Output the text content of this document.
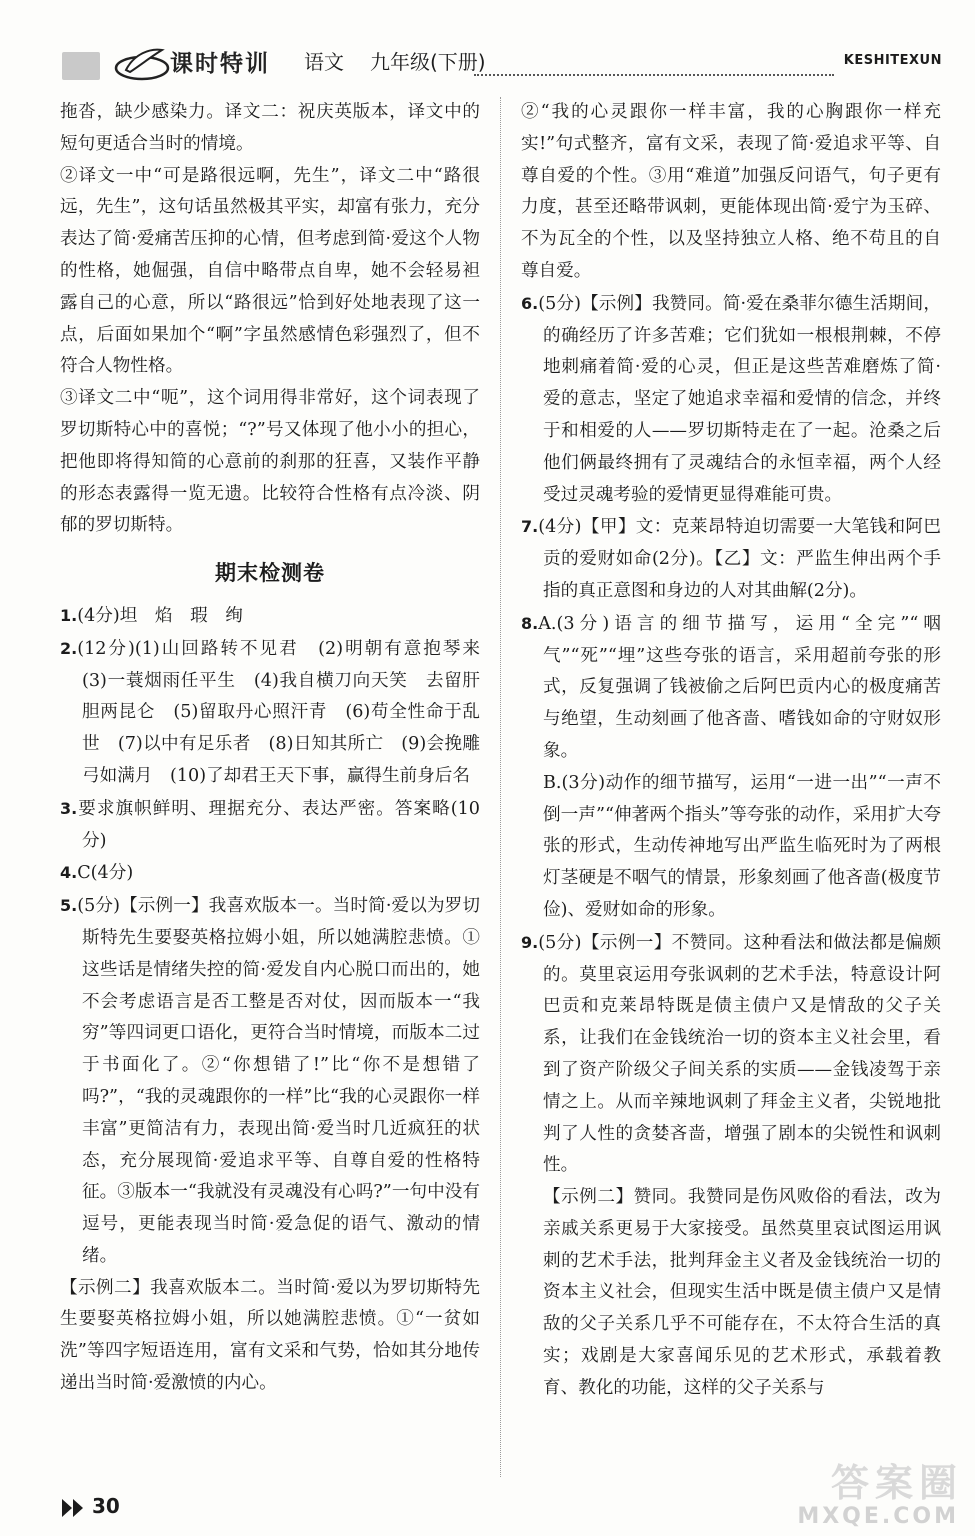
课时特训 语文 九年级(下册)	KESHITEXUN

拖沓，缺少感染力。译文二：祝庆英版本，译文中的短句更适合当时的情境。

②译文一中“可是路很远啊，先生”，译文二中“路很远，先生”，这句话虽然极其平实，却富有张力，充分表达了简·爱痛苦压抑的心情，但考虑到简·爱这个人物的性格，她倔强，自信中略带点自卑，她不会轻易袒露自己的心意，所以“路很远”恰到好处地表现了这一点，后面如果加个“啊”字虽然感情色彩强烈了，但不符合人物性格。

③译文二中“呃”，这个词用得非常好，这个词表现了罗切斯特心中的喜悦；“?”号又体现了他小小的担心，把他即将得知简的心意前的刹那的狂喜，又装作平静的形态表露得一览无遗。比较符合性格有点冷淡、阴郁的罗切斯特。

期末检测卷

1.(4分)坦　焰　瑕　绚

2.(12分)(1)山回路转不见君　(2)明朝有意抱琴来　(3)一蓑烟雨任平生　(4)我自横刀向天笑　去留肝胆两昆仑　(5)留取丹心照汗青　(6)苟全性命于乱世　(7)以中有足乐者　(8)日知其所亡　(9)会挽雕弓如满月　(10)了却君王天下事，赢得生前身后名

3.要求旗帜鲜明、理据充分、表达严密。答案略(10分)

4.C(4分)

5.(5分)【示例一】我喜欢版本一。当时简·爱以为罗切斯特先生要娶英格拉姆小姐，所以她满腔悲愤。①这些话是情绪失控的简·爱发自内心脱口而出的，她不会考虑语言是否工整是否对仗，因而版本一“我穷”等四词更口语化，更符合当时情境，而版本二过于书面化了。②“你想错了!”比“你不是想错了吗?”，“我的灵魂跟你的一样”比“我的心灵跟你一样丰富”更简洁有力，表现出简·爱当时几近疯狂的状态，充分展现简·爱追求平等、自尊自爱的性格特征。③版本一“我就没有灵魂没有心吗?”一句中没有逗号，更能表现当时简·爱急促的语气、激动的情绪。

【示例二】我喜欢版本二。当时简·爱以为罗切斯特先生要娶英格拉姆小姐，所以她满腔悲愤。①“一贫如洗”等四字短语连用，富有文采和气势，恰如其分地传递出当时简·爱激愤的内心。

②“我的心灵跟你一样丰富，我的心胸跟你一样充实!”句式整齐，富有文采，表现了简·爱追求平等、自尊自爱的个性。③用“难道”加强反问语气，句子更有力度，甚至还略带讽刺，更能体现出简·爱宁为玉碎、不为瓦全的个性，以及坚持独立人格、绝不苟且的自尊自爱。

6.(5分)【示例】我赞同。简·爱在桑菲尔德生活期间，的确经历了许多苦难；它们犹如一根根荆棘，不停地刺痛着简·爱的心灵，但正是这些苦难磨炼了简·爱的意志，坚定了她追求幸福和爱情的信念，并终于和相爱的人——罗切斯特走在了一起。沧桑之后他们俩最终拥有了灵魂结合的永恒幸福，两个人经受过灵魂考验的爱情更显得难能可贵。

7.(4分)【甲】文：克莱昂特迫切需要一大笔钱和阿巴贡的爱财如命(2分)。【乙】文：严监生伸出两个手指的真正意图和身边的人对其曲解(2分)。

8.A.(3分)语言的细节描写，运用“全完”“咽气”“死”“埋”这些夸张的语言，采用超前夸张的形式，反复强调了钱被偷之后阿巴贡内心的极度痛苦与绝望，生动刻画了他吝啬、嗜钱如命的守财奴形象。

B.(3分)动作的细节描写，运用“一进一出”“一声不倒一声”“伸著两个指头”等夸张的动作，采用扩大夸张的形式，生动传神地写出严监生临死时为了两根灯茎硬是不咽气的情景，形象刻画了他吝啬(极度节俭)、爱财如命的形象。

9.(5分)【示例一】不赞同。这种看法和做法都是偏颇的。莫里哀运用夸张讽刺的艺术手法，特意设计阿巴贡和克莱昂特既是债主债户又是情敌的父子关系，让我们在金钱统治一切的资本主义社会里，看到了资产阶级父子间关系的实质——金钱凌驾于亲情之上。从而辛辣地讽刺了拜金主义者，尖锐地批判了人性的贪婪吝啬，增强了剧本的尖锐性和讽刺性。

【示例二】赞同。我赞同是伤风败俗的看法，改为亲戚关系更易于大家接受。虽然莫里哀试图运用讽刺的艺术手法，批判拜金主义者及金钱统治一切的资本主义社会，但现实生活中既是债主债户又是情敌的父子关系几乎不可能存在，不太符合生活的真实；戏剧是大家喜闻乐见的艺术形式，承载着教育、教化的功能，这样的父子关系与

30
答案圈
MXQE.COM
